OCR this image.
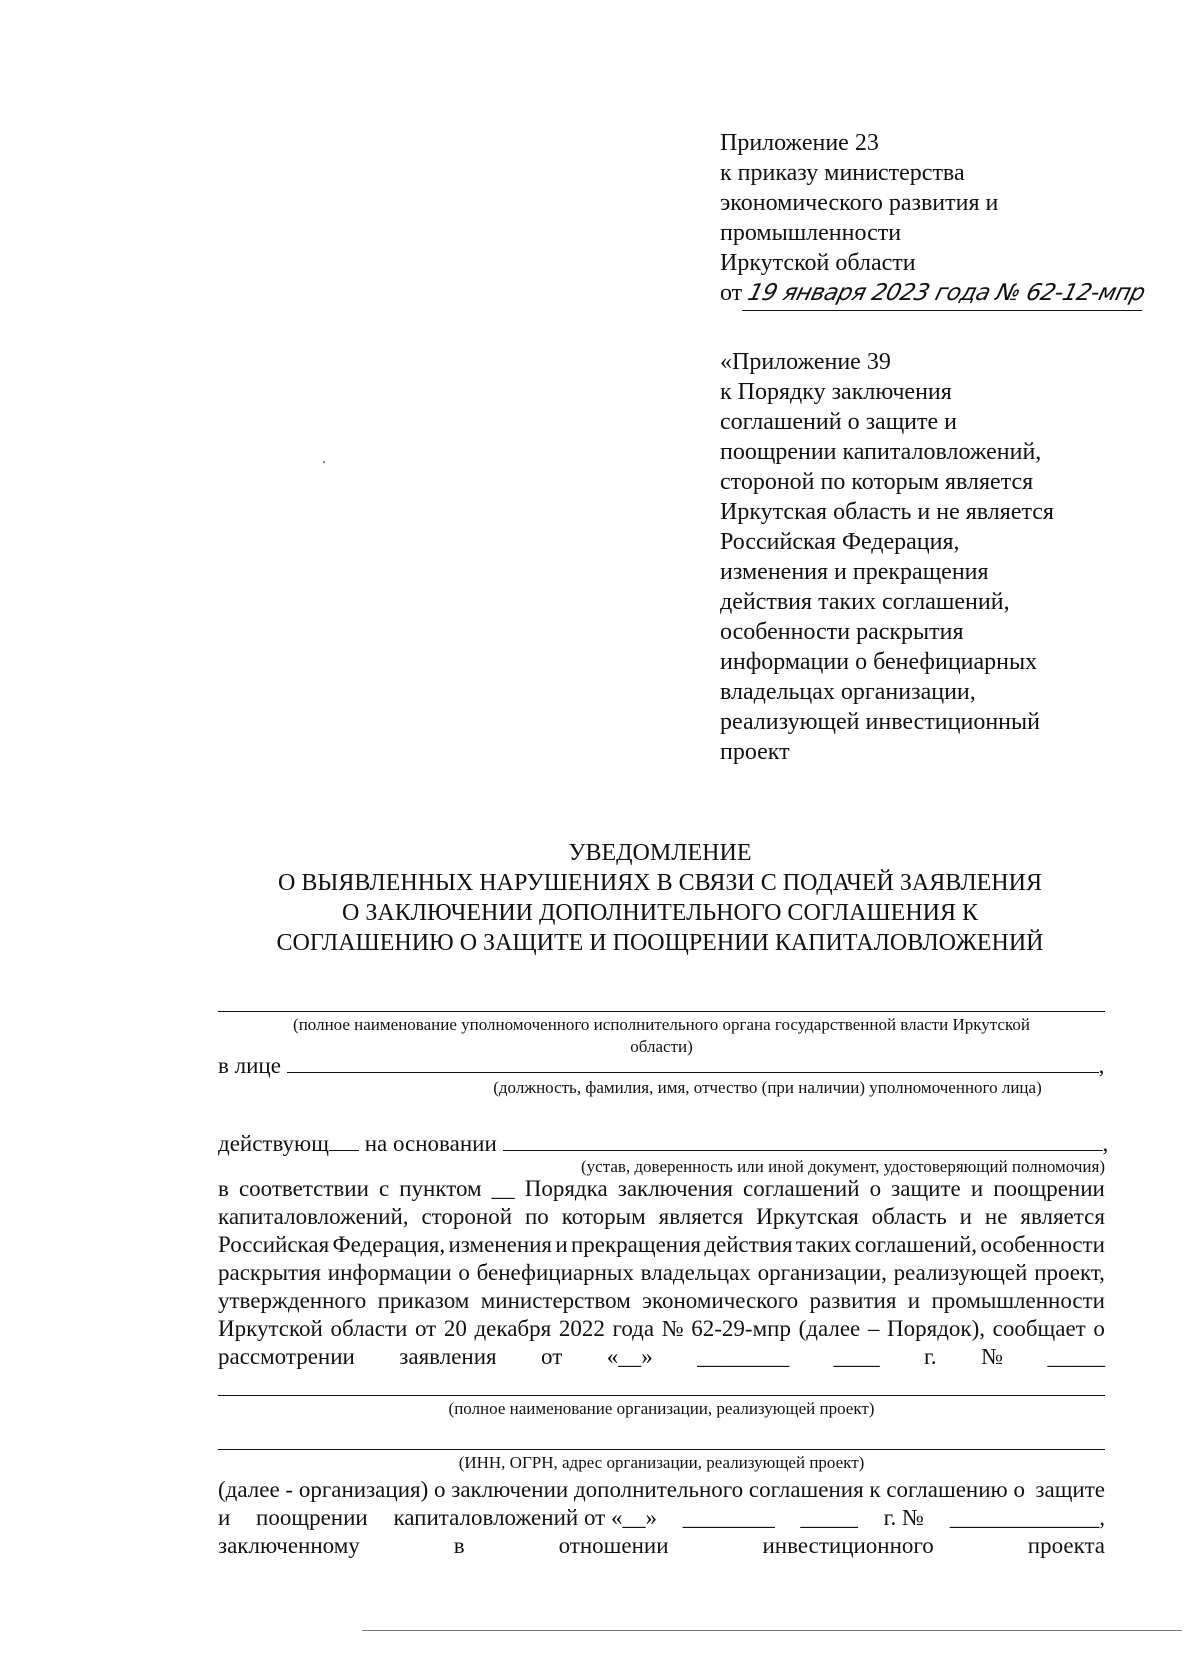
Приложение 23
к приказу министерства
экономического развития и
промышленности
Иркутской области
от 19 января 2023 года № 62-12-мпр
«Приложение 39
к Порядку заключения
соглашений о защите и
поощрении капиталовложений,
стороной по которым является
Иркутская область и не является
Российская Федерация,
изменения и прекращения
действия таких соглашений,
особенности раскрытия
информации о бенефициарных
владельцах организации,
реализующей инвестиционный
проект
УВЕДОМЛЕНИЕ
О ВЫЯВЛЕННЫХ НАРУШЕНИЯХ В СВЯЗИ С ПОДАЧЕЙ ЗАЯВЛЕНИЯ
О ЗАКЛЮЧЕНИИ ДОПОЛНИТЕЛЬНОГО СОГЛАШЕНИЯ К
СОГЛАШЕНИЮ О ЗАЩИТЕ И ПООЩРЕНИИ КАПИТАЛОВЛОЖЕНИЙ
(полное наименование уполномоченного исполнительного органа государственной власти Иркутской
области)
в лице	,
(должность, фамилия, имя, отчество (при наличии) уполномоченного лица)
действующ на основании	,
(устав, доверенность или иной документ, удостоверяющий полномочия)
в соответствии с пунктом __ Порядка заключения соглашений о защите и поощрении
капиталовложений, стороной по которым является Иркутская область и не является
Российская Федерация, изменения и прекращения действия таких соглашений, особенности
раскрытия информации о бенефициарных владельцах организации, реализующей проект,
утвержденного приказом министерством экономического развития и промышленности
Иркутской области от 20 декабря 2022 года № 62-29-мпр (далее – Порядок), сообщает о
рассмотрении заявления от «__» ________ ____ г. № _____
(полное наименование организации, реализующей проект)
(ИНН, ОГРН, адрес организации, реализующей проект)
(далее - организация) о заключении дополнительного соглашения к соглашению о защите
и поощрении капиталовложений от «__» ________ _____ г. № _____________,
заключенному	в	отношении	инвестиционного	проекта
